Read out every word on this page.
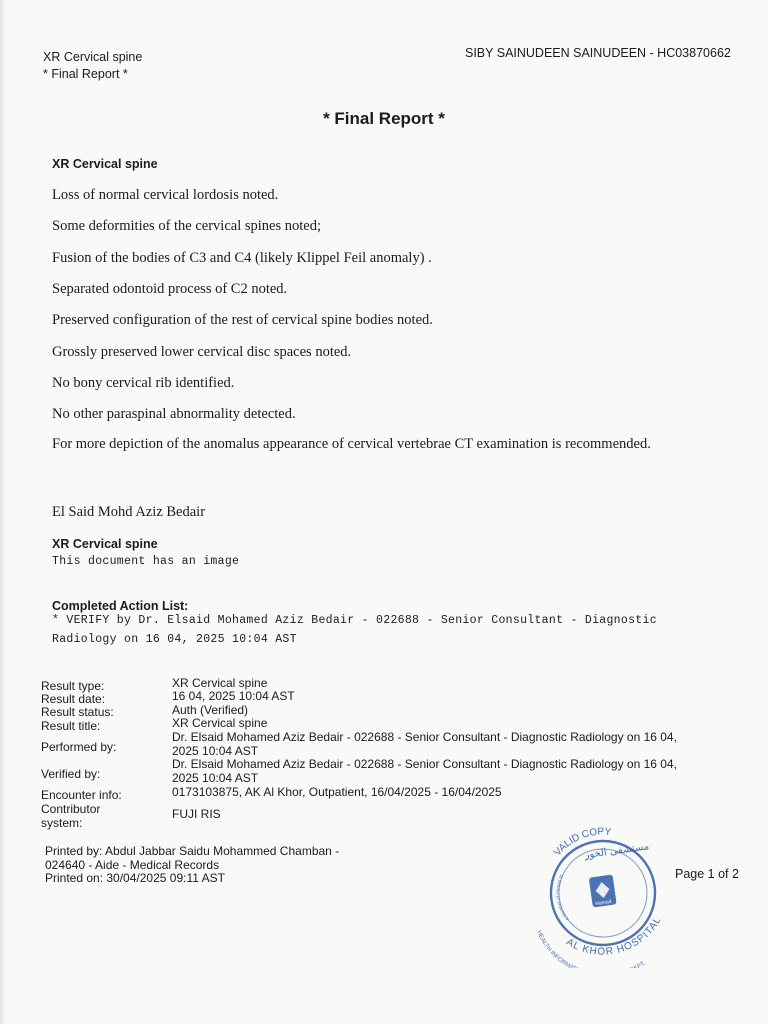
XR Cervical spine
* Final Report *
SIBY SAINUDEEN SAINUDEEN - HC03870662
* Final Report *
XR Cervical spine
Loss of normal cervical lordosis noted.
Some deformities of the cervical spines noted;
Fusion of the bodies of C3 and C4 (likely Klippel Feil anomaly) .
Separated odontoid process of C2 noted.
Preserved configuration of the rest of cervical spine bodies noted.
Grossly preserved lower cervical disc spaces noted.
No bony cervical rib identified.
No other paraspinal abnormality detected.
For more depiction of the anomalus appearance of cervical vertebrae CT examination is recommended.
El Said Mohd Aziz Bedair
XR Cervical spine
This document has an image
Completed Action List:
* VERIFY by Dr. Elsaid Mohamed Aziz Bedair - 022688 - Senior Consultant - Diagnostic
Radiology on 16 04, 2025 10:04 AST
Result type:	XR Cervical spine
Result date:	16 04, 2025 10:04 AST
Result status:	Auth (Verified)
Result title:	XR Cervical spine
Performed by:
Dr. Elsaid Mohamed Aziz Bedair - 022688 - Senior Consultant - Diagnostic Radiology on 16 04,
2025 10:04 AST
Verified by:
Dr. Elsaid Mohamed Aziz Bedair - 022688 - Senior Consultant - Diagnostic Radiology on 16 04,
2025 10:04 AST
Encounter info:	0173103875, AK Al Khor, Outpatient, 16/04/2025 - 16/04/2025
Contributor
system:
FUJI RIS
Printed by: Abdul Jabbar Saidu Mohammed Chamban -
024640 - Aide - Medical Records
Printed on: 30/04/2025 09:11 AST	Page 1 of 2
VALID COPY
مستشفى الخور
A Member of Hamad Medical
Hamad
AL KHOR HOSPITAL
HEALTH INFORMATION DEPT.
